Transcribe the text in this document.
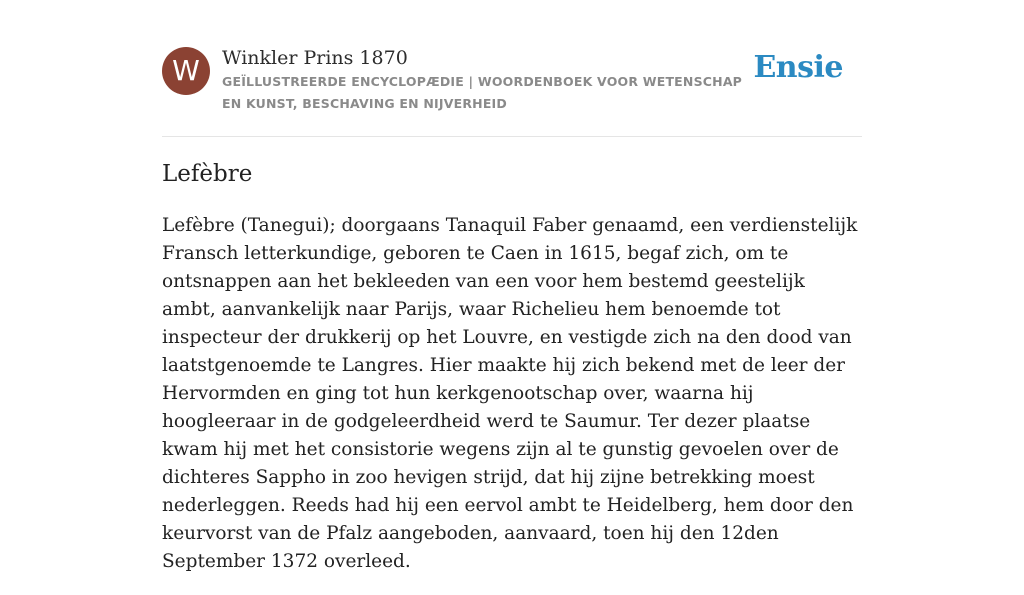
W	Winkler Prins 1870
GEÏLLUSTREERDE ENCYCLOPÆDIE | WOORDENBOEK VOOR WETENSCHAP EN KUNST, BESCHAVING EN NIJVERHEID
Ensie
Lefèbre

Lefèbre (Tanegui); doorgaans Tanaquil Faber genaamd, een verdienstelijk Fransch letterkundige, geboren te Caen in 1615, begaf zich, om te ontsnappen aan het bekleeden van een voor hem bestemd geestelijk ambt, aanvankelijk naar Parijs, waar Richelieu hem benoemde tot inspecteur der drukkerij op het Louvre, en vestigde zich na den dood van laatstgenoemde te Langres. Hier maakte hij zich bekend met de leer der Hervormden en ging tot hun kerkgenootschap over, waarna hij hoogleeraar in de godgeleerdheid werd te Saumur. Ter dezer plaatse kwam hij met het consistorie wegens zijn al te gunstig gevoelen over de dichteres Sappho in zoo hevigen strijd, dat hij zijne betrekking moest nederleggen. Reeds had hij een eervol ambt te Heidelberg, hem door den keurvorst van de Pfalz aangeboden, aanvaard, toen hij den 12den September 1372 overleed.
